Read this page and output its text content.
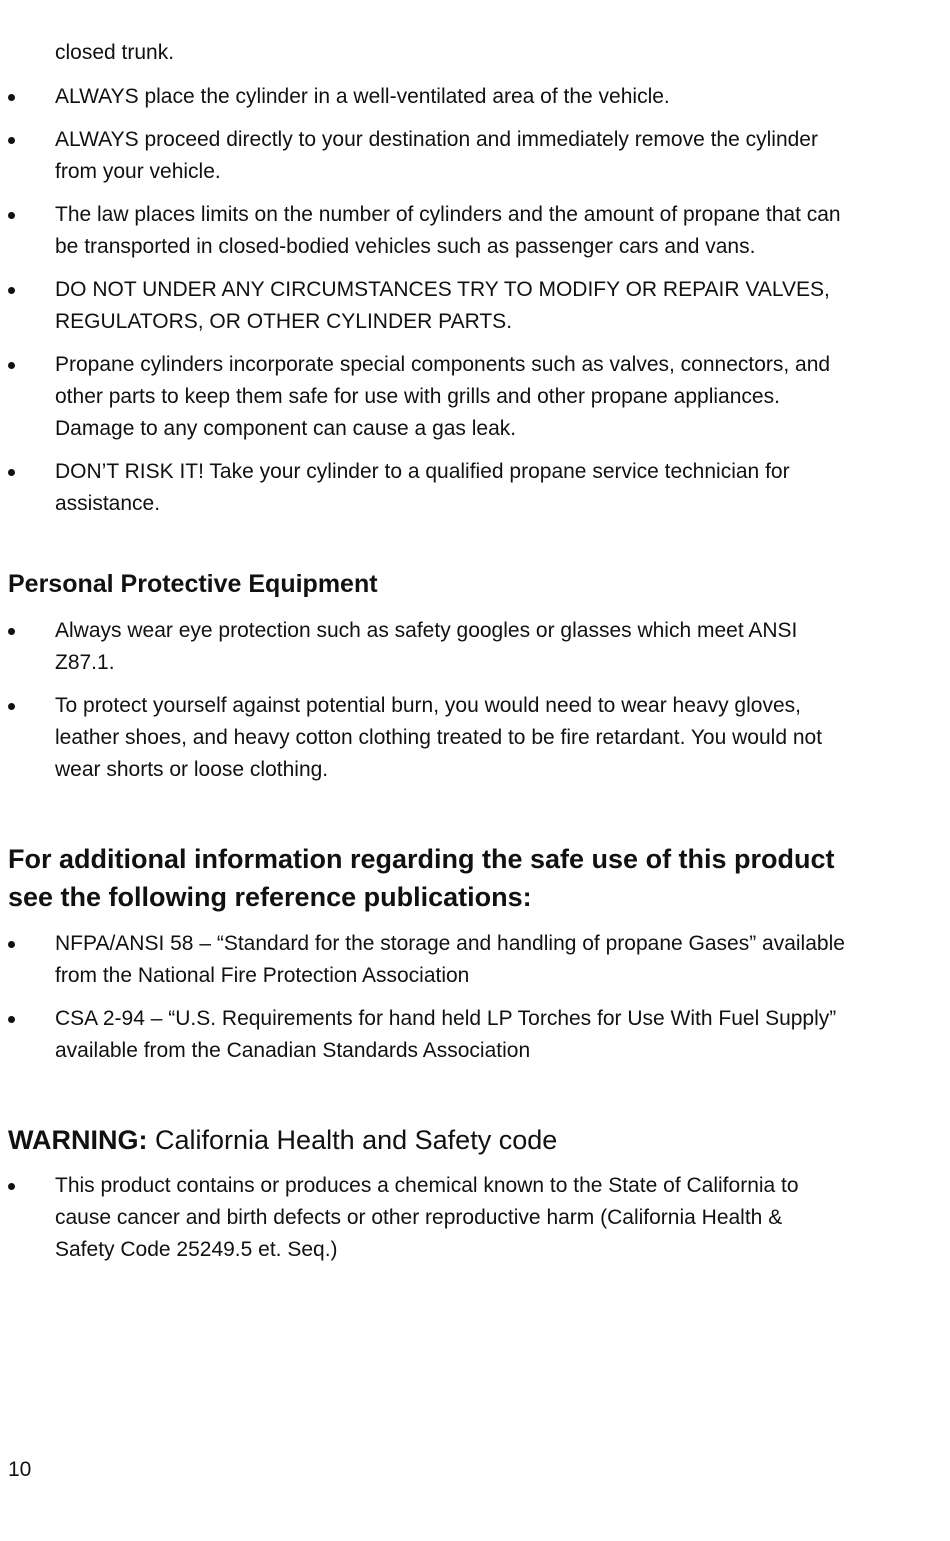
closed trunk.
ALWAYS place the cylinder in a well-ventilated area of the vehicle.
ALWAYS proceed directly to your destination and immediately remove the cylinder from your vehicle.
The law places limits on the number of cylinders and the amount of propane that can be transported in closed-bodied vehicles such as passenger cars and vans.
DO NOT UNDER ANY CIRCUMSTANCES TRY TO MODIFY OR REPAIR VALVES, REGULATORS, OR OTHER CYLINDER PARTS.
Propane cylinders incorporate special components such as valves, connectors, and other parts to keep them safe for use with grills and other propane appliances. Damage to any component can cause a gas leak.
DON’T RISK IT! Take your cylinder to a qualified propane service technician for assistance.
Personal Protective Equipment
Always wear eye protection such as safety googles or glasses which meet ANSI Z87.1.
To protect yourself against potential burn, you would need to wear heavy gloves, leather shoes, and heavy cotton clothing treated to be fire retardant. You would not wear shorts or loose clothing.
For additional information regarding the safe use of this product see the following reference publications:
NFPA/ANSI 58 – “Standard for the storage and handling of propane Gases” available from the National Fire Protection Association
CSA 2-94 – “U.S. Requirements for hand held LP Torches for Use With Fuel Supply” available from the Canadian Standards Association
WARNING: California Health and Safety code
This product contains or produces a chemical known to the State of California to cause cancer and birth defects or other reproductive harm (California Health & Safety Code 25249.5 et. Seq.)
10
